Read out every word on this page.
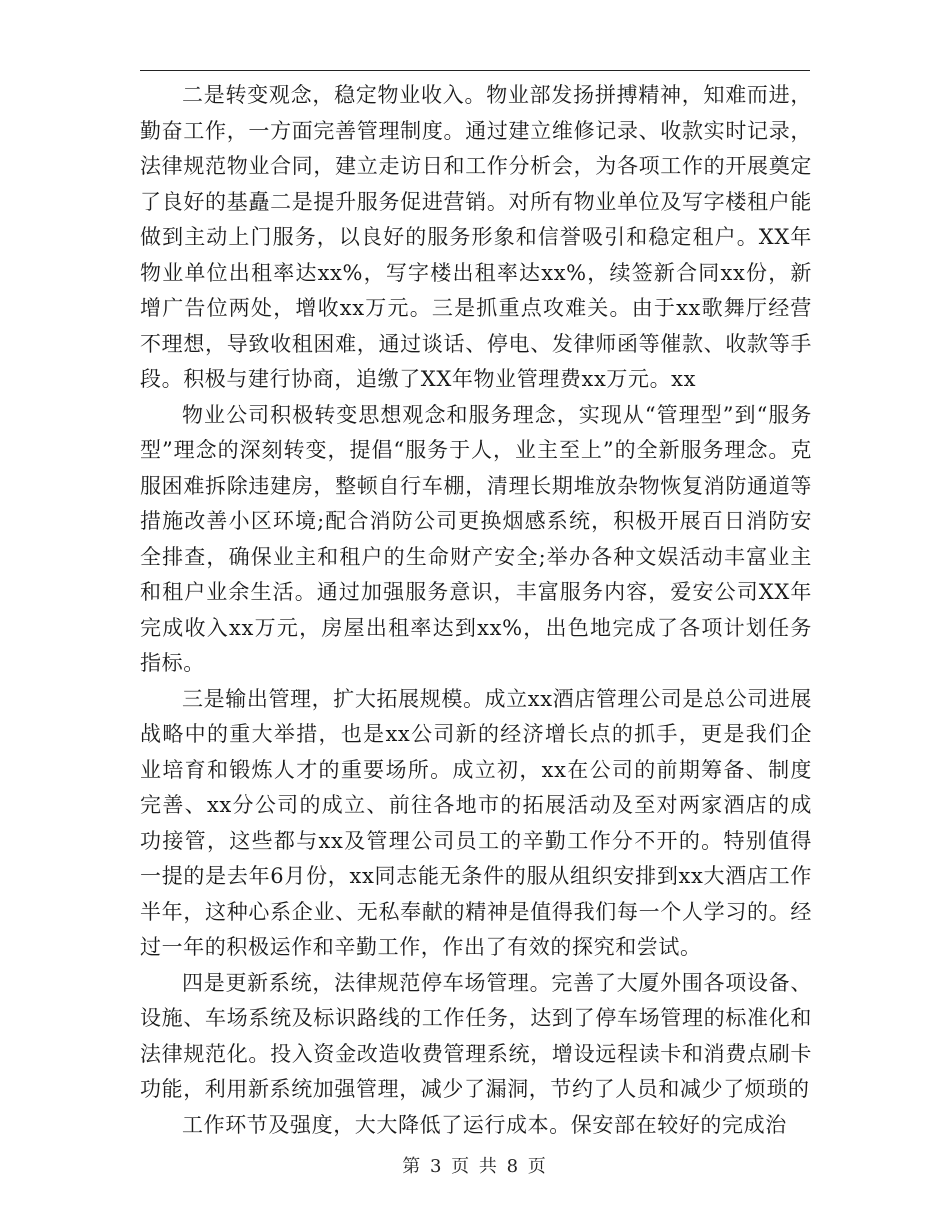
二是转变观念，稳定物业收入。物业部发扬拼搏精神，知难而进，勤奋工作，一方面完善管理制度。通过建立维修记录、收款实时记录，法律规范物业合同，建立走访日和工作分析会，为各项工作的开展奠定了良好的基矗二是提升服务促进营销。对所有物业单位及写字楼租户能做到主动上门服务，以良好的服务形象和信誉吸引和稳定租户。XX年物业单位出租率达xx%，写字楼出租率达xx%，续签新合同xx份，新增广告位两处，增收xx万元。三是抓重点攻难关。由于xx歌舞厅经营不理想，导致收租困难，通过谈话、停电、发律师函等催款、收款等手段。积极与建行协商，追缴了XX年物业管理费xx万元。xx

物业公司积极转变思想观念和服务理念，实现从“管理型”到“服务型”理念的深刻转变，提倡“服务于人，业主至上”的全新服务理念。克服困难拆除违建房，整顿自行车棚，清理长期堆放杂物恢复消防通道等措施改善小区环境;配合消防公司更换烟感系统，积极开展百日消防安全排查，确保业主和租户的生命财产安全;举办各种文娱活动丰富业主和租户业余生活。通过加强服务意识，丰富服务内容，爱安公司XX年完成收入xx万元，房屋出租率达到xx%，出色地完成了各项计划任务指标。

三是输出管理，扩大拓展规模。成立xx酒店管理公司是总公司进展战略中的重大举措，也是xx公司新的经济增长点的抓手，更是我们企业培育和锻炼人才的重要场所。成立初，xx在公司的前期筹备、制度完善、xx分公司的成立、前往各地市的拓展活动及至对两家酒店的成功接管，这些都与xx及管理公司员工的辛勤工作分不开的。特别值得一提的是去年6月份，xx同志能无条件的服从组织安排到xx大酒店工作半年，这种心系企业、无私奉献的精神是值得我们每一个人学习的。经过一年的积极运作和辛勤工作，作出了有效的探究和尝试。

四是更新系统，法律规范停车场管理。完善了大厦外围各项设备、设施、车场系统及标识路线的工作任务，达到了停车场管理的标准化和法律规范化。投入资金改造收费管理系统，增设远程读卡和消费点刷卡功能，利用新系统加强管理，减少了漏洞，节约了人员和减少了烦琐的

工作环节及强度，大大降低了运行成本。保安部在较好的完成治

第 3 页 共 8 页
